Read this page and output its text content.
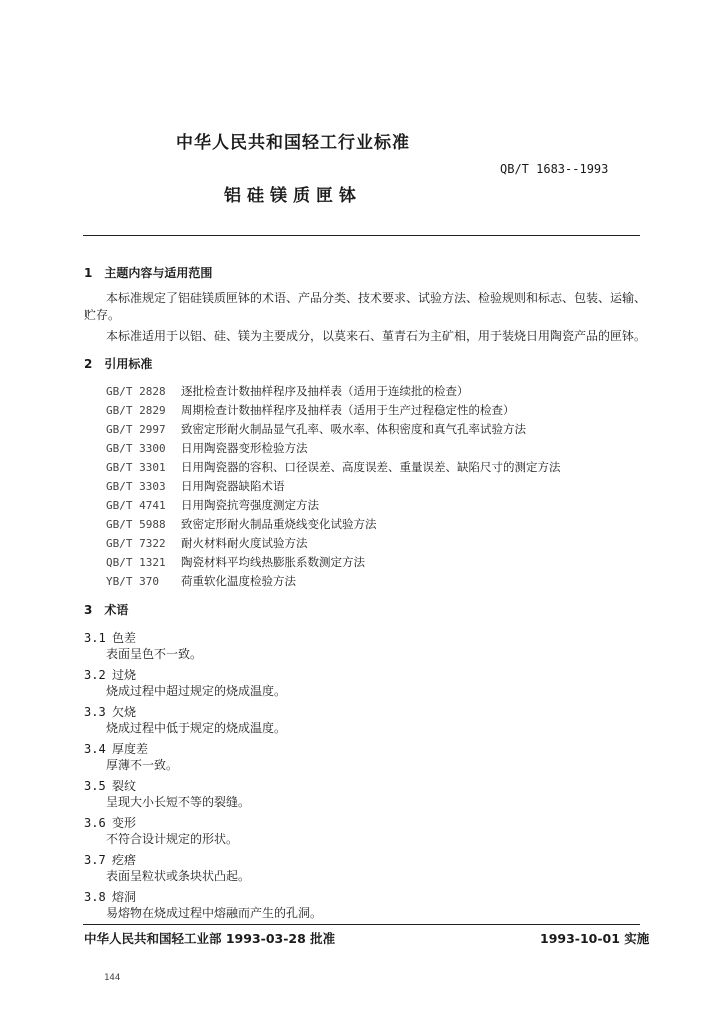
中华人民共和国轻工行业标准
QB/T 1683--1993
铝硅镁质匣钵
1　主题内容与适用范围
本标准规定了铝硅镁质匣钵的术语、产品分类、技术要求、试验方法、检验规则和标志、包装、运输、
贮存。
本标准适用于以铝、硅、镁为主要成分，以莫来石、堇青石为主矿相，用于装烧日用陶瓷产品的匣钵。
2　引用标准
GB/T 2828 逐批检查计数抽样程序及抽样表（适用于连续批的检查）
GB/T 2829 周期检查计数抽样程序及抽样表（适用于生产过程稳定性的检查）
GB/T 2997 致密定形耐火制品显气孔率、吸水率、体积密度和真气孔率试验方法
GB/T 3300 日用陶瓷器变形检验方法
GB/T 3301 日用陶瓷器的容积、口径误差、高度误差、重量误差、缺陷尺寸的测定方法
GB/T 3303 日用陶瓷器缺陷术语
GB/T 4741 日用陶瓷抗弯强度测定方法
GB/T 5988 致密定形耐火制品重烧线变化试验方法
GB/T 7322 耐火材料耐火度试验方法
QB/T 1321 陶瓷材料平均线热膨胀系数测定方法
YB/T 370 荷重软化温度检验方法
3　术语
3.1 色差
表面呈色不一致。
3.2 过烧
烧成过程中超过规定的烧成温度。
3.3 欠烧
烧成过程中低于规定的烧成温度。
3.4 厚度差
厚薄不一致。
3.5 裂纹
呈现大小长短不等的裂缝。
3.6 变形
不符合设计规定的形状。
3.7 疙瘩
表面呈粒状或条块状凸起。
3.8 熔洞
易熔物在烧成过程中熔融而产生的孔洞。
中华人民共和国轻工业部 1993-03-28 批准	1993-10-01 实施
144
